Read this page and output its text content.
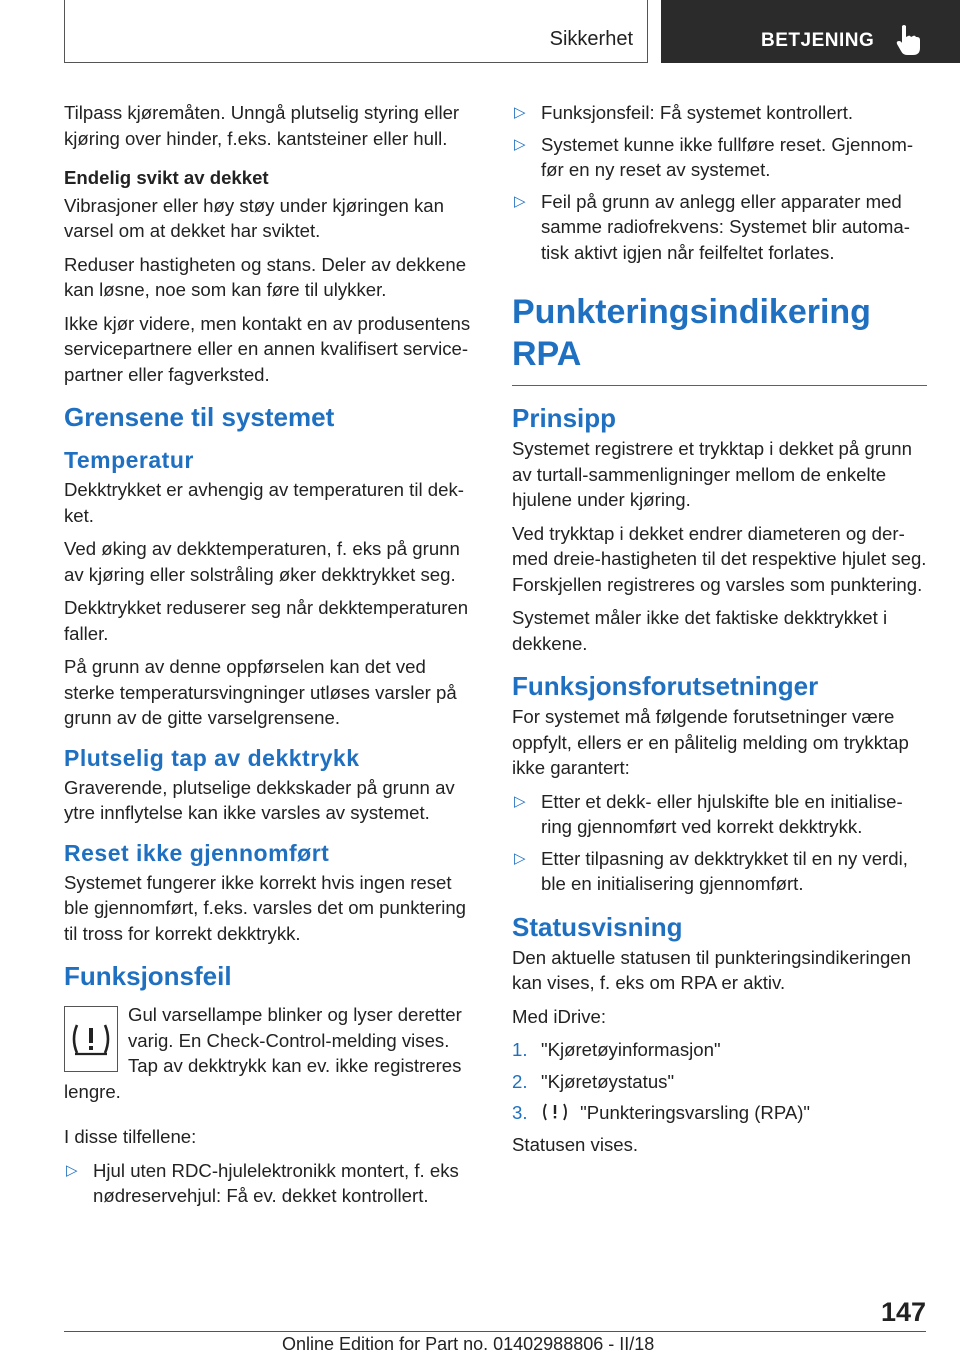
Sikkerhet	BETJENING

Tilpass kjøremåten. Unngå plutselig styring eller kjøring over hinder, f.eks. kantsteiner eller hull.

Endelig svikt av dekket

Vibrasjoner eller høy støy under kjøringen kan varsel om at dekket har sviktet.

Reduser hastigheten og stans. Deler av dekkene kan løsne, noe som kan føre til ulykker.

Ikke kjør videre, men kontakt en av produsentens servicepartnere eller en annen kvalifisert servicepartner eller fagverksted.

Grensene til systemet
Temperatur

Dekktrykket er avhengig av temperaturen til dekket.

Ved øking av dekktemperaturen, f. eks på grunn av kjøring eller solstråling øker dekktrykket seg.

Dekktrykket reduserer seg når dekktemperaturen faller.

På grunn av denne oppførselen kan det ved sterke temperatursvingninger utløses varsler på grunn av de gitte varselgrensene.

Plutselig tap av dekktrykk

Graverende, plutselige dekkskader på grunn av ytre innflytelse kan ikke varsles av systemet.

Reset ikke gjennomført

Systemet fungerer ikke korrekt hvis ingen reset ble gjennomført, f.eks. varsles det om punktering til tross for korrekt dekktrykk.

Funksjonsfeil

Gul varsellampe blinker og lyser deretter varig. En Check-Control-melding vises. Tap av dekktrykk kan ev. ikke registreres lengre.

I disse tilfellene:

▷ Hjul uten RDC-hjulelektronikk montert, f. eks nødreservehjul: Få ev. dekket kontrollert.
▷ Funksjonsfeil: Få systemet kontrollert.
▷ Systemet kunne ikke fullføre reset. Gjennomfør en ny reset av systemet.
▷ Feil på grunn av anlegg eller apparater med samme radiofrekvens: Systemet blir automatisk aktivt igjen når feilfeltet forlates.
Punkteringsindikering RPA
Prinsipp

Systemet registrere et trykktap i dekket på grunn av turtall-sammenligninger mellom de enkelte hjulene under kjøring.

Ved trykktap i dekket endrer diameteren og dermed dreie-hastigheten til det respektive hjulet seg. Forskjellen registreres og varsles som punktering.

Systemet måler ikke det faktiske dekktrykket i dekkene.

Funksjonsforutsetninger

For systemet må følgende forutsetninger være oppfylt, ellers er en pålitelig melding om trykktap ikke garantert:

▷ Etter et dekk- eller hjulskifte ble en initialisering gjennomført ved korrekt dekktrykk.
▷ Etter tilpasning av dekktrykket til en ny verdi, ble en initialisering gjennomført.
Statusvisning

Den aktuelle statusen til punkteringsindikeringen kan vises, f. eks om RPA er aktiv.

Med iDrive:

1. "Kjøretøyinformasjon"
2. "Kjøretøystatus"
3.	"Punkteringsvarsling (RPA)"

Statusen vises.

147
Online Edition for Part no. 01402988806 - II/18
